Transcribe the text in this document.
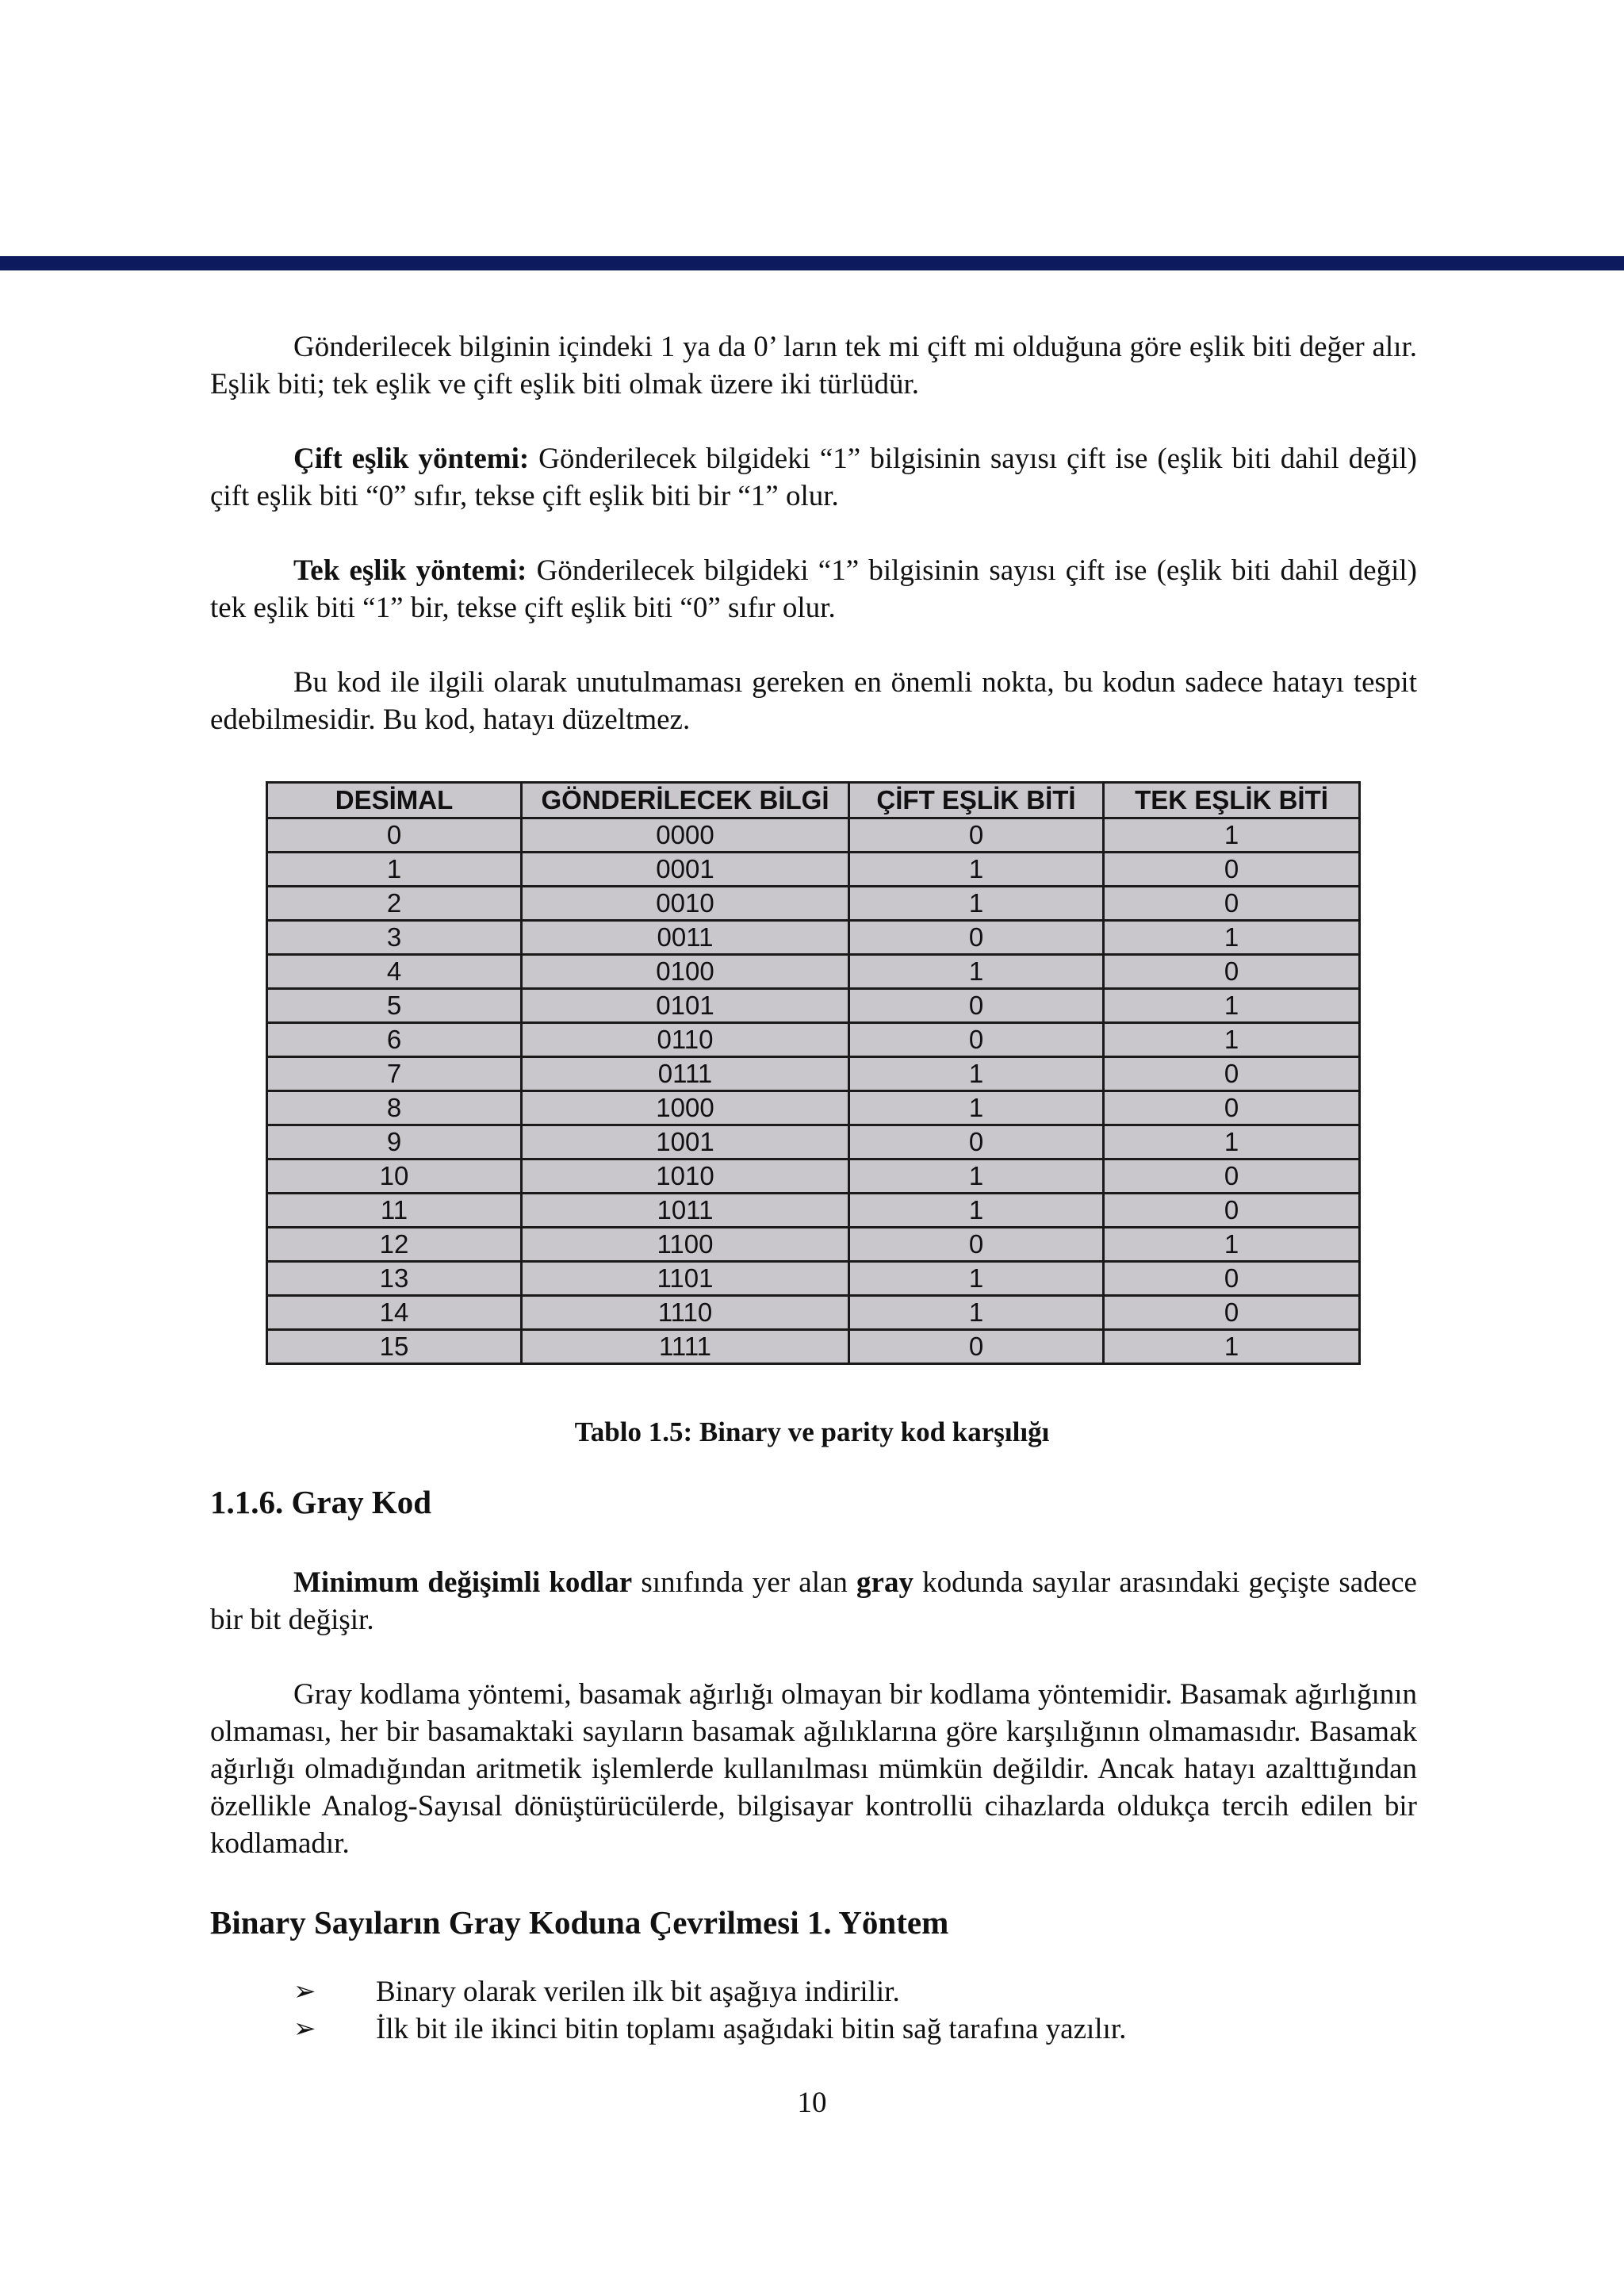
Gönderilecek bilginin içindeki 1 ya da 0’ ların tek mi çift mi olduğuna göre eşlik biti değer alır. Eşlik biti; tek eşlik ve çift eşlik biti olmak üzere iki türlüdür.

Çift eşlik yöntemi: Gönderilecek bilgideki “1” bilgisinin sayısı çift ise (eşlik biti dahil değil) çift eşlik biti “0” sıfır, tekse çift eşlik biti bir “1” olur.

Tek eşlik yöntemi: Gönderilecek bilgideki “1” bilgisinin sayısı çift ise (eşlik biti dahil değil) tek eşlik biti “1” bir, tekse çift eşlik biti “0” sıfır olur.

Bu kod ile ilgili olarak unutulmaması gereken en önemli nokta, bu kodun sadece hatayı tespit edebilmesidir. Bu kod, hatayı düzeltmez.

DESİMAL	GÖNDERİLECEK BİLGİ	ÇİFT EŞLİK BİTİ	TEK EŞLİK BİTİ
0	0000	0	1
1	0001	1	0
2	0010	1	0
3	0011	0	1
4	0100	1	0
5	0101	0	1
6	0110	0	1
7	0111	1	0
8	1000	1	0
9	1001	0	1
10	1010	1	0
11	1011	1	0
12	1100	0	1
13	1101	1	0
14	1110	1	0
15	1111	0	1
Tablo 1.5: Binary ve parity kod karşılığı
1.1.6. Gray Kod

Minimum değişimli kodlar sınıfında yer alan gray kodunda sayılar arasındaki geçişte sadece bir bit değişir.

Gray kodlama yöntemi, basamak ağırlığı olmayan bir kodlama yöntemidir. Basamak ağırlığının olmaması, her bir basamaktaki sayıların basamak ağılıklarına göre karşılığının olmamasıdır. Basamak ağırlığı olmadığından aritmetik işlemlerde kullanılması mümkün değildir. Ancak hatayı azalttığından özellikle Analog-Sayısal dönüştürücülerde, bilgisayar kontrollü cihazlarda oldukça tercih edilen bir kodlamadır.

Binary Sayıların Gray Koduna Çevrilmesi 1. Yöntem
➢ Binary olarak verilen ilk bit aşağıya indirilir.
➢ İlk bit ile ikinci bitin toplamı aşağıdaki bitin sağ tarafına yazılır.
10
